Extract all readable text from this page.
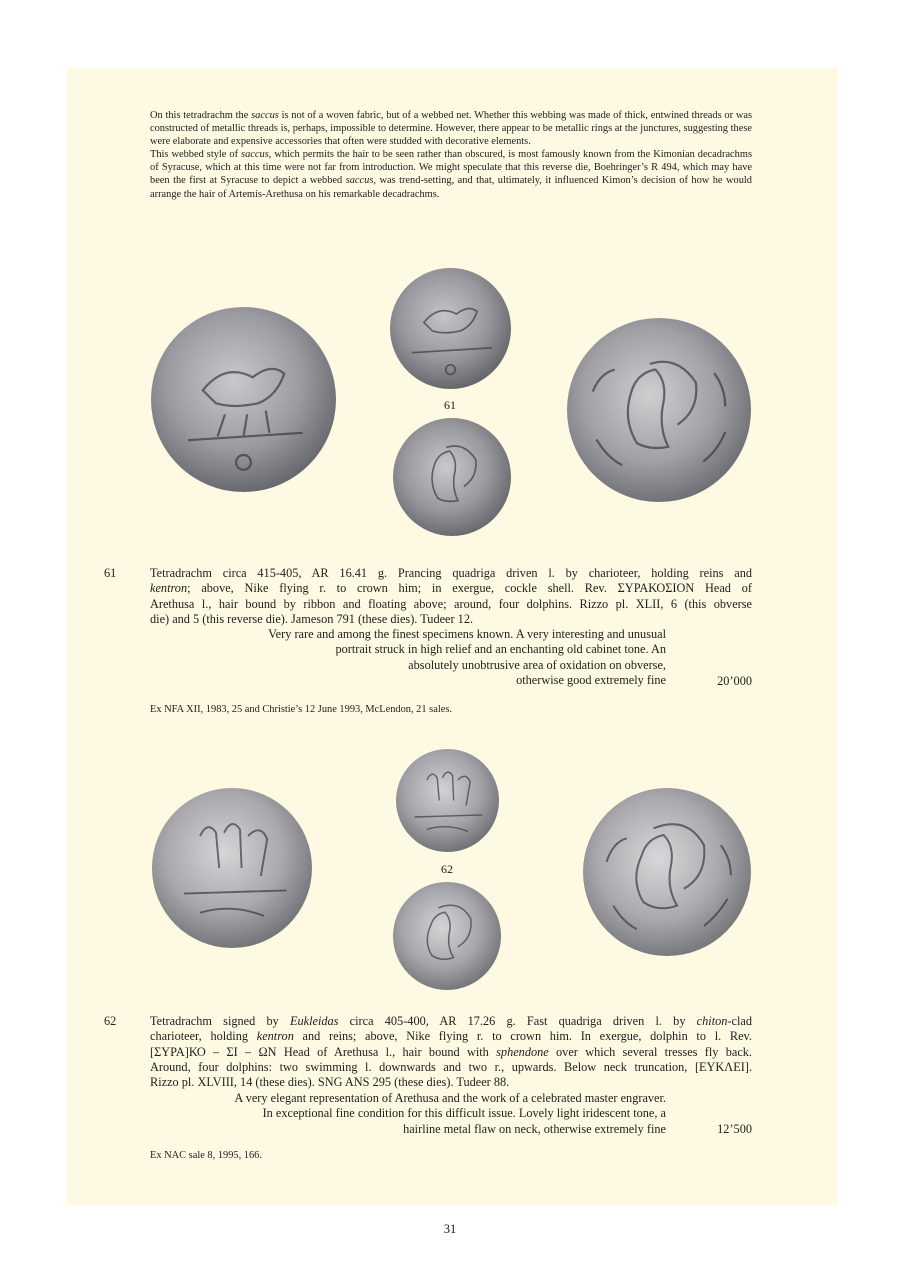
On this tetradrachm the saccus is not of a woven fabric, but of a webbed net. Whether this webbing was made of thick, entwined threads or was constructed of metallic threads is, perhaps, impossible to determine. However, there appear to be metallic rings at the junctures, suggesting these were elaborate and expensive accessories that often were studded with decorative elements.

This webbed style of saccus, which permits the hair to be seen rather than obscured, is most famously known from the Kimonian decadrachms of Syracuse, which at this time were not far from introduction. We might speculate that this reverse die, Boehringer’s R 494, which may have been the first at Syracuse to depict a webbed saccus, was trend-setting, and that, ultimately, it influenced Kimon’s decision of how he would arrange the hair of Artemis-Arethusa on his remarkable decadrachms.

61
61	Tetradrachm circa 415-405, AR 16.41 g. Prancing quadriga driven l. by charioteer, holding reins and
kentron; above, Nike flying r. to crown him; in exergue, cockle shell. Rev. ΣΥΡΑΚΟΣΙΟΝ Head of
Arethusa l., hair bound by ribbon and floating above; around, four dolphins. Rizzo pl. XLII, 6 (this obverse
die) and 5 (this reverse die). Jameson 791 (these dies). Tudeer 12.
Very rare and among the finest specimens known. A very interesting and unusual
portrait struck in high relief and an enchanting old cabinet tone. An
absolutely unobtrusive area of oxidation on obverse,
otherwise good extremely fine	20’000
Ex NFA XII, 1983, 25 and Christie’s 12 June 1993, McLendon, 21 sales.
62
62	Tetradrachm signed by Eukleidas circa 405-400, AR 17.26 g. Fast quadriga driven l. by chiton-clad
charioteer, holding kentron and reins; above, Nike flying r. to crown him. In exergue, dolphin to l. Rev.
[ΣΥΡΑ]ΚΟ – ΣΙ – ΩΝ Head of Arethusa l., hair bound with sphendone over which several tresses fly back.
Around, four dolphins: two swimming l. downwards and two r., upwards. Below neck truncation, [ΕΥΚΛΕΙ].
Rizzo pl. XLVIII, 14 (these dies). SNG ANS 295 (these dies). Tudeer 88.
A very elegant representation of Arethusa and the work of a celebrated master engraver.
In exceptional fine condition for this difficult issue. Lovely light iridescent tone, a
hairline metal flaw on neck, otherwise extremely fine	12’500
Ex NAC sale 8, 1995, 166.
31
